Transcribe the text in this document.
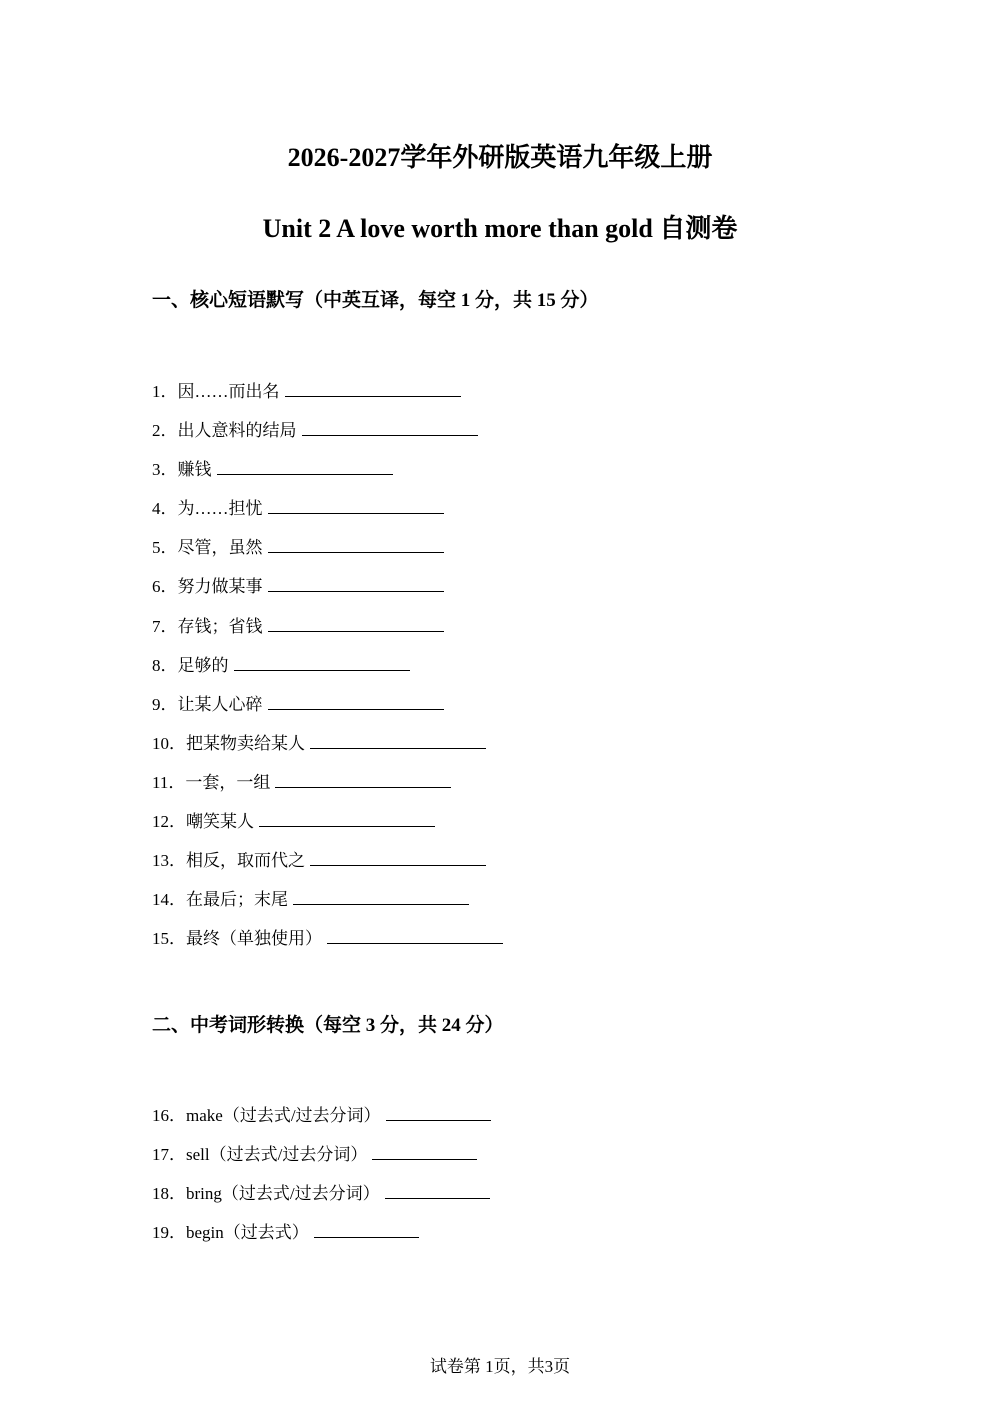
2026-2027学年外研版英语九年级上册
Unit 2 A love worth more than gold 自测卷
一、核心短语默写（中英互译，每空 1 分，共 15 分）
1．因……而出名
2．出人意料的结局
3．赚钱
4．为……担忧
5．尽管，虽然
6．努力做某事
7．存钱；省钱
8．足够的
9．让某人心碎
10．把某物卖给某人
11．一套，一组
12．嘲笑某人
13．相反，取而代之
14．在最后；末尾
15．最终（单独使用）
二、中考词形转换（每空 3 分，共 24 分）
16．make（过去式/过去分词）
17．sell（过去式/过去分词）
18．bring（过去式/过去分词）
19．begin（过去式）
试卷第 1页，共3页
